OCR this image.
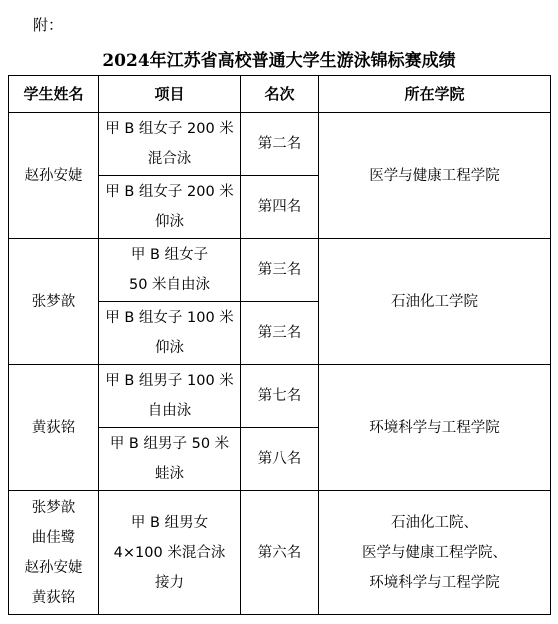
附：
2024年江苏省高校普通大学生游泳锦标赛成绩
学生姓名	项目	名次	所在学院

赵孙安婕	甲 B 组女子 200 米
混合泳	第二名	医学与健康工程学院

	甲 B 组女子 200 米
仰泳	第四名	

张梦歆	甲 B 组女子
50 米自由泳	第三名	石油化工学院

	甲 B 组女子 100 米
仰泳	第三名	

黄荻铭	甲 B 组男子 100 米
自由泳	第七名	环境科学与工程学院

	甲 B 组男子 50 米
蛙泳	第八名	

张梦歆
曲佳鹭
赵孙安婕
黄荻铭	甲 B 组男女
4×100 米混合泳
接力	第六名	石油化工院、
医学与健康工程学院、
环境科学与工程学院
